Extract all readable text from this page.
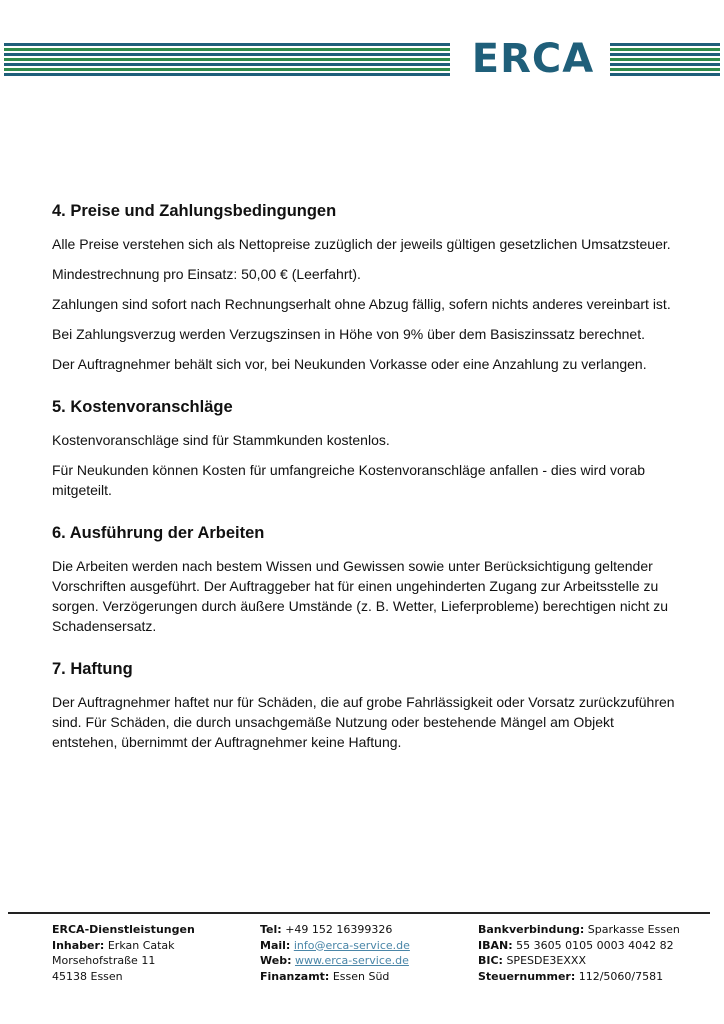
ERCA
4. Preise und Zahlungsbedingungen

Alle Preise verstehen sich als Nettopreise zuzüglich der jeweils gültigen gesetzlichen Umsatzsteuer.

Mindestrechnung pro Einsatz: 50,00 € (Leerfahrt).

Zahlungen sind sofort nach Rechnungserhalt ohne Abzug fällig, sofern nichts anderes vereinbart ist.

Bei Zahlungsverzug werden Verzugszinsen in Höhe von 9% über dem Basiszinssatz berechnet.

Der Auftragnehmer behält sich vor, bei Neukunden Vorkasse oder eine Anzahlung zu verlangen.

5. Kostenvoranschläge

Kostenvoranschläge sind für Stammkunden kostenlos.

Für Neukunden können Kosten für umfangreiche Kostenvoranschläge anfallen - dies wird vorab mitgeteilt.

6. Ausführung der Arbeiten

Die Arbeiten werden nach bestem Wissen und Gewissen sowie unter Berücksichtigung geltender Vorschriften ausgeführt. Der Auftraggeber hat für einen ungehinderten Zugang zur Arbeitsstelle zu sorgen. Verzögerungen durch äußere Umstände (z. B. Wetter, Lieferprobleme) berechtigen nicht zu Schadensersatz.

7. Haftung

Der Auftragnehmer haftet nur für Schäden, die auf grobe Fahrlässigkeit oder Vorsatz zurückzuführen sind. Für Schäden, die durch unsachgemäße Nutzung oder bestehende Mängel am Objekt entstehen, übernimmt der Auftragnehmer keine Haftung.

ERCA-Dienstleistungen
Inhaber: Erkan Catak
Morsehofstraße 11
45138 Essen
Tel: +49 152 16399326
Mail: info@erca-service.de
Web: www.erca-service.de
Finanzamt: Essen Süd
Bankverbindung: Sparkasse Essen
IBAN: 55 3605 0105 0003 4042 82
BIC: SPESDE3EXXX
Steuernummer: 112/5060/7581
